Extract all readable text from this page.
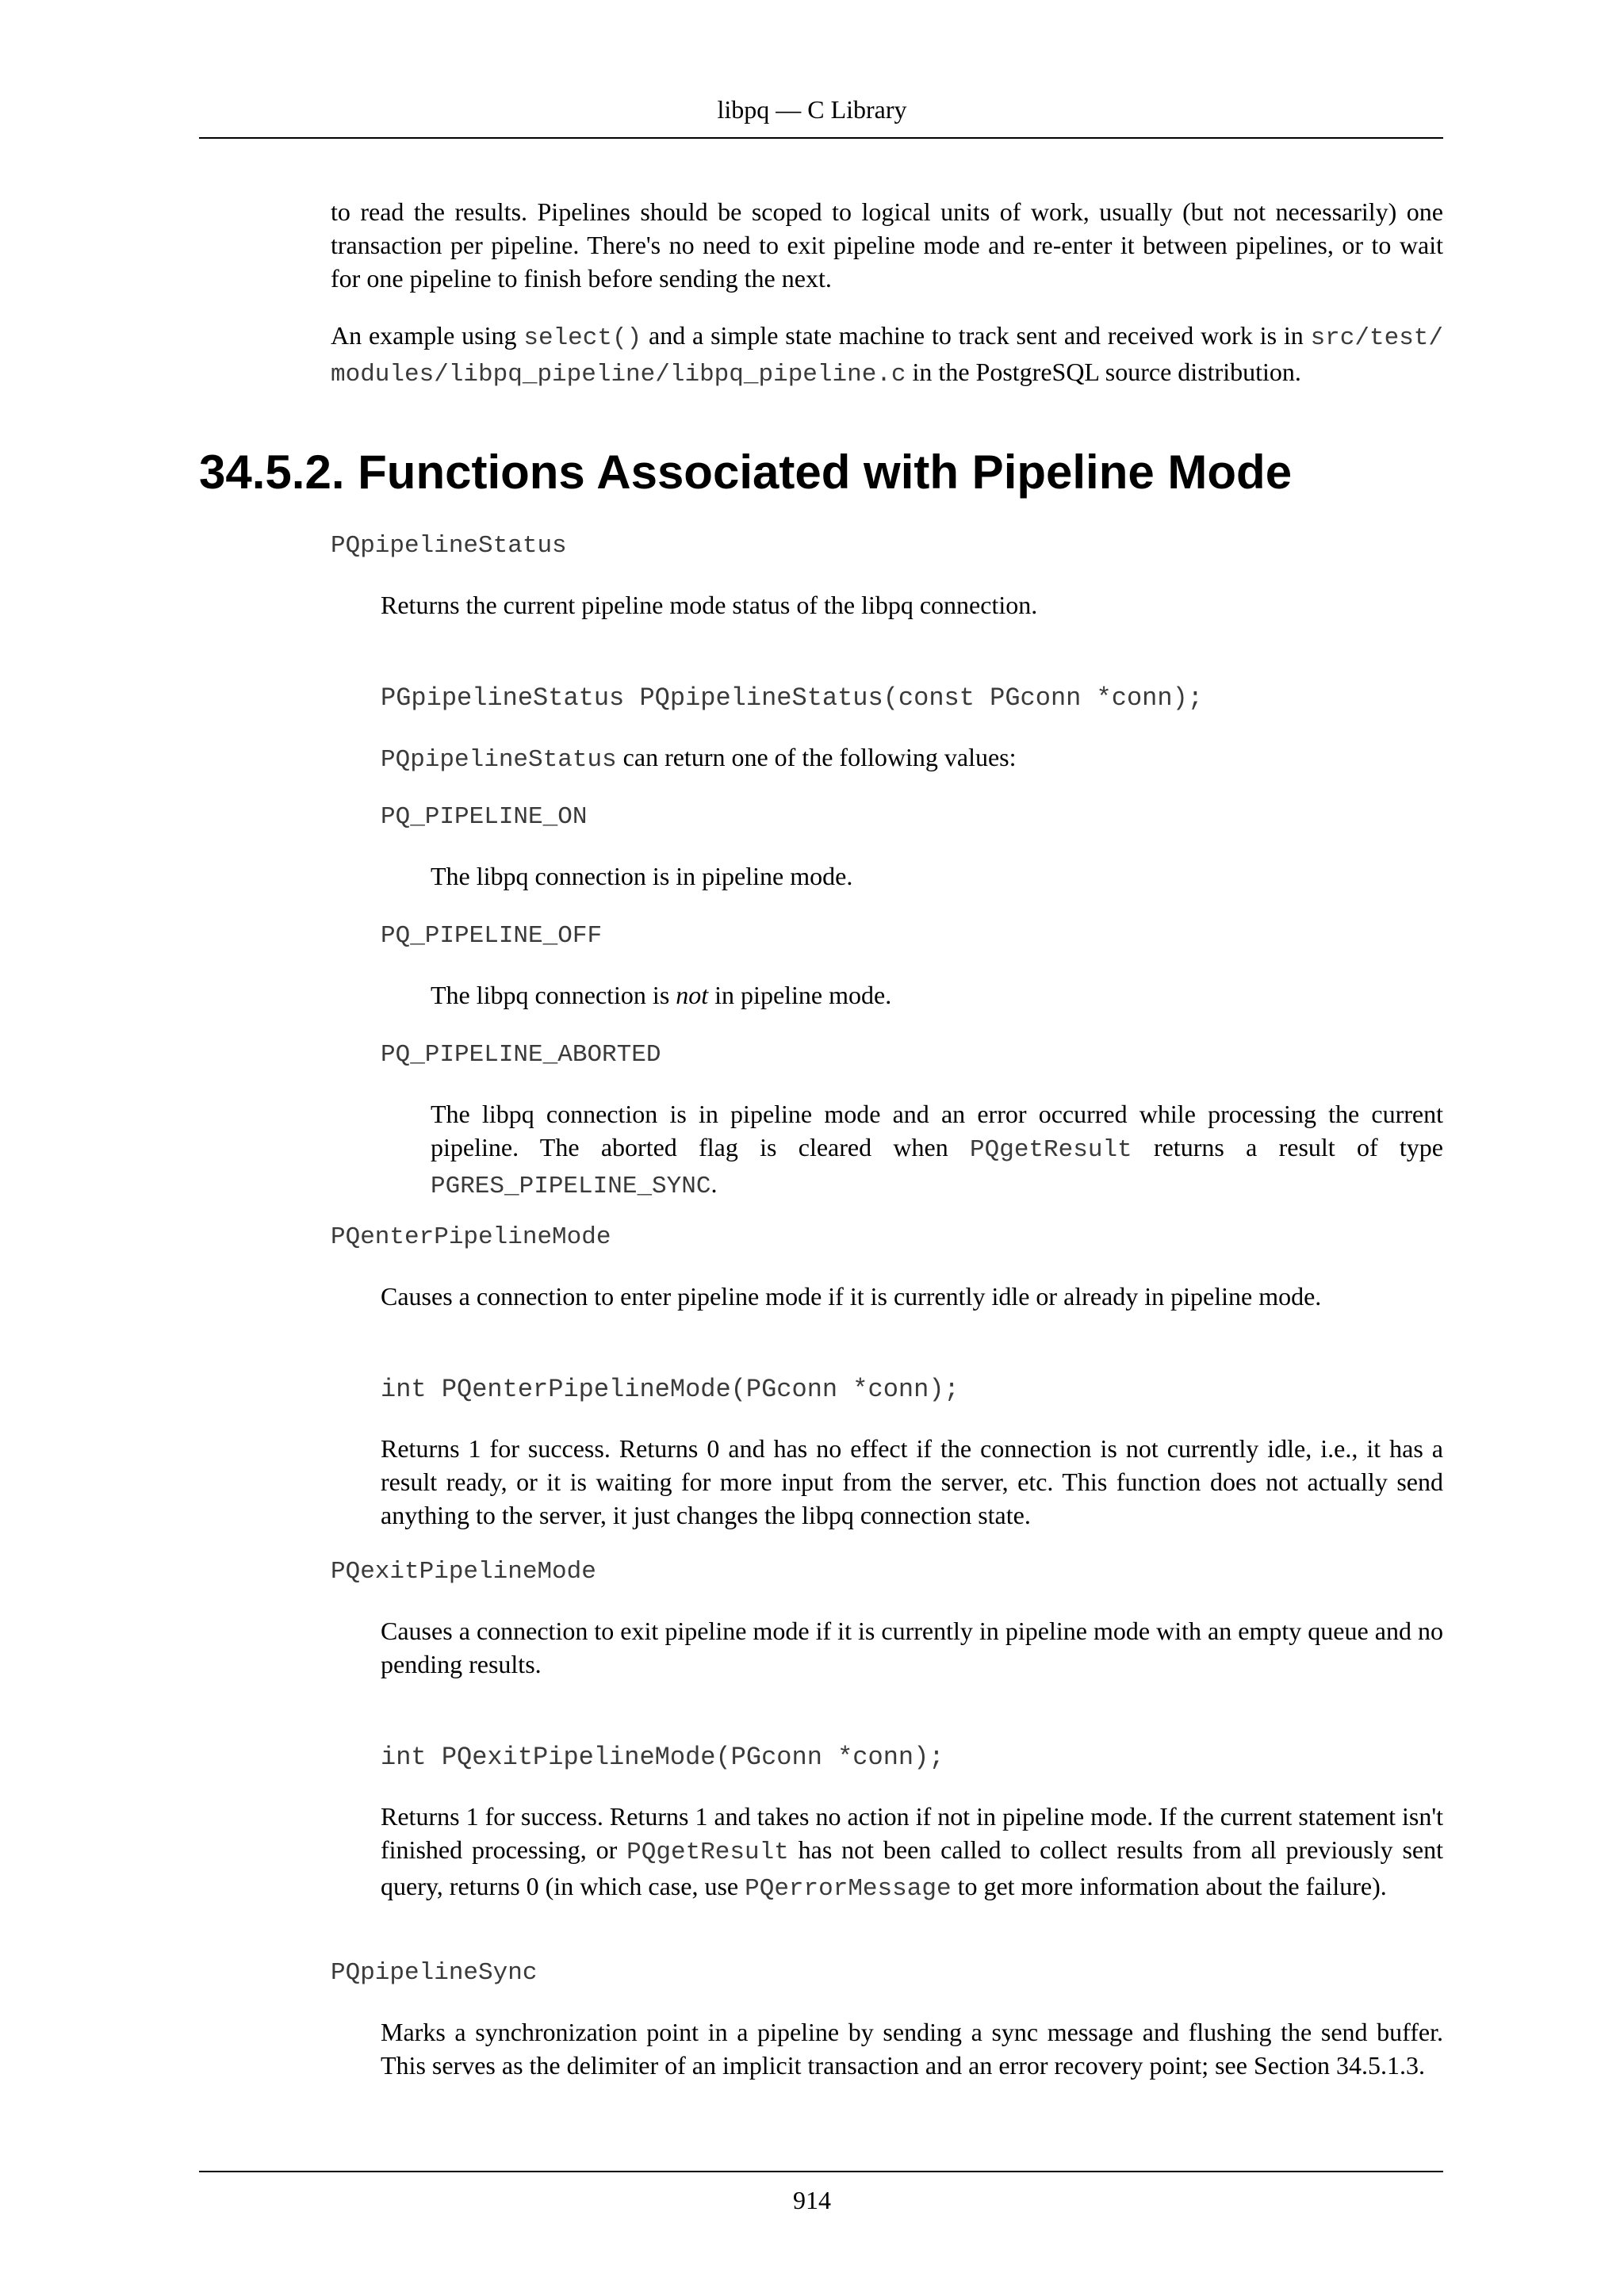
libpq — C Library

to read the results. Pipelines should be scoped to logical units of work, usually (but not necessarily) one transaction per pipeline. There's no need to exit pipeline mode and re-enter it between pipelines, or to wait for one pipeline to finish before sending the next.

An example using select() and a simple state machine to track sent and received work is in src/test/modules/libpq_pipeline/libpq_pipeline.c in the PostgreSQL source distribution.

34.5.2. Functions Associated with Pipeline Mode
PQpipelineStatus

Returns the current pipeline mode status of the libpq connection.

PGpipelineStatus PQpipelineStatus(const PGconn *conn);

PQpipelineStatus can return one of the following values:

PQ_PIPELINE_ON

The libpq connection is in pipeline mode.

PQ_PIPELINE_OFF

The libpq connection is not in pipeline mode.

PQ_PIPELINE_ABORTED

The libpq connection is in pipeline mode and an error occurred while processing the current pipeline. The aborted flag is cleared when PQgetResult returns a result of type PGRES_PIPELINE_SYNC.

PQenterPipelineMode

Causes a connection to enter pipeline mode if it is currently idle or already in pipeline mode.

int PQenterPipelineMode(PGconn *conn);

Returns 1 for success. Returns 0 and has no effect if the connection is not currently idle, i.e., it has a result ready, or it is waiting for more input from the server, etc. This function does not actually send anything to the server, it just changes the libpq connection state.

PQexitPipelineMode

Causes a connection to exit pipeline mode if it is currently in pipeline mode with an empty queue and no pending results.

int PQexitPipelineMode(PGconn *conn);

Returns 1 for success. Returns 1 and takes no action if not in pipeline mode. If the current statement isn't finished processing, or PQgetResult has not been called to collect results from all previously sent query, returns 0 (in which case, use PQerrorMessage to get more information about the failure).

PQpipelineSync

Marks a synchronization point in a pipeline by sending a sync message and flushing the send buffer. This serves as the delimiter of an implicit transaction and an error recovery point; see Section 34.5.1.3.

914
